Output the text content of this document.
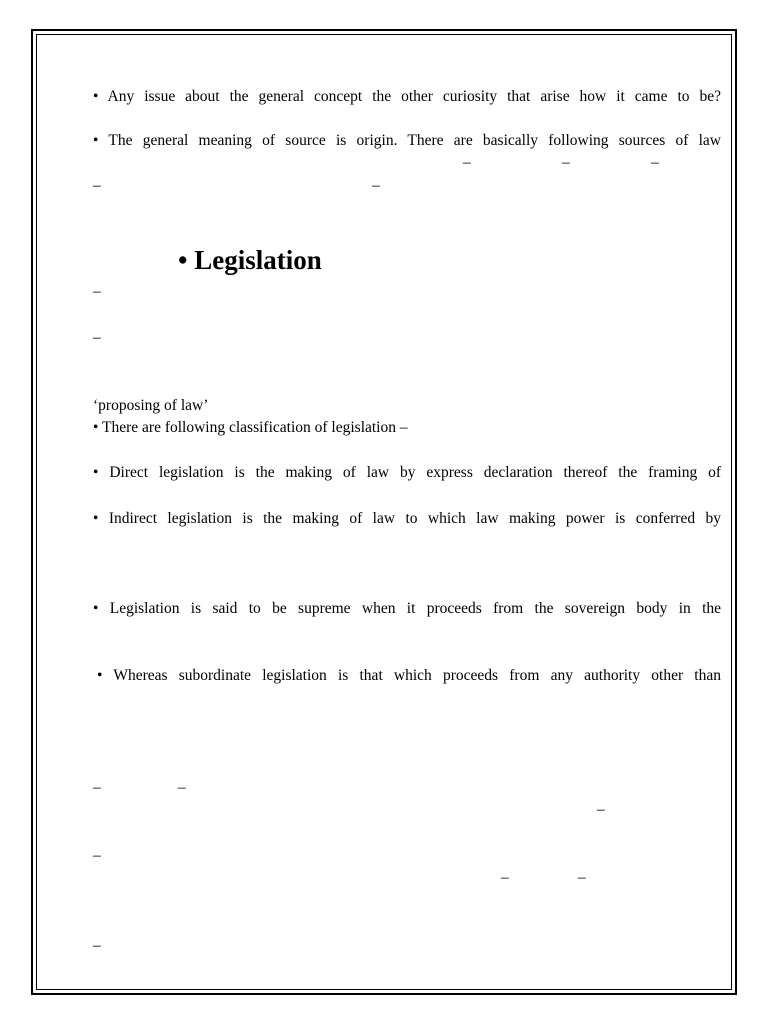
• Any issue about the general concept the other curiosity that arise how it came to be?
• The general meaning of source is origin. There are basically following sources of law
–	–	–
–	–
• Legislation
–
–
‘proposing of law’
• There are following classification of legislation –
• Direct legislation is the making of law by express declaration thereof the framing of
• Indirect legislation is the making of law to which law making power is conferred by
• Legislation is said to be supreme when it proceeds from the sovereign body in the
• Whereas subordinate legislation is that which proceeds from any authority other than
–	–
–
–
–	–
–
